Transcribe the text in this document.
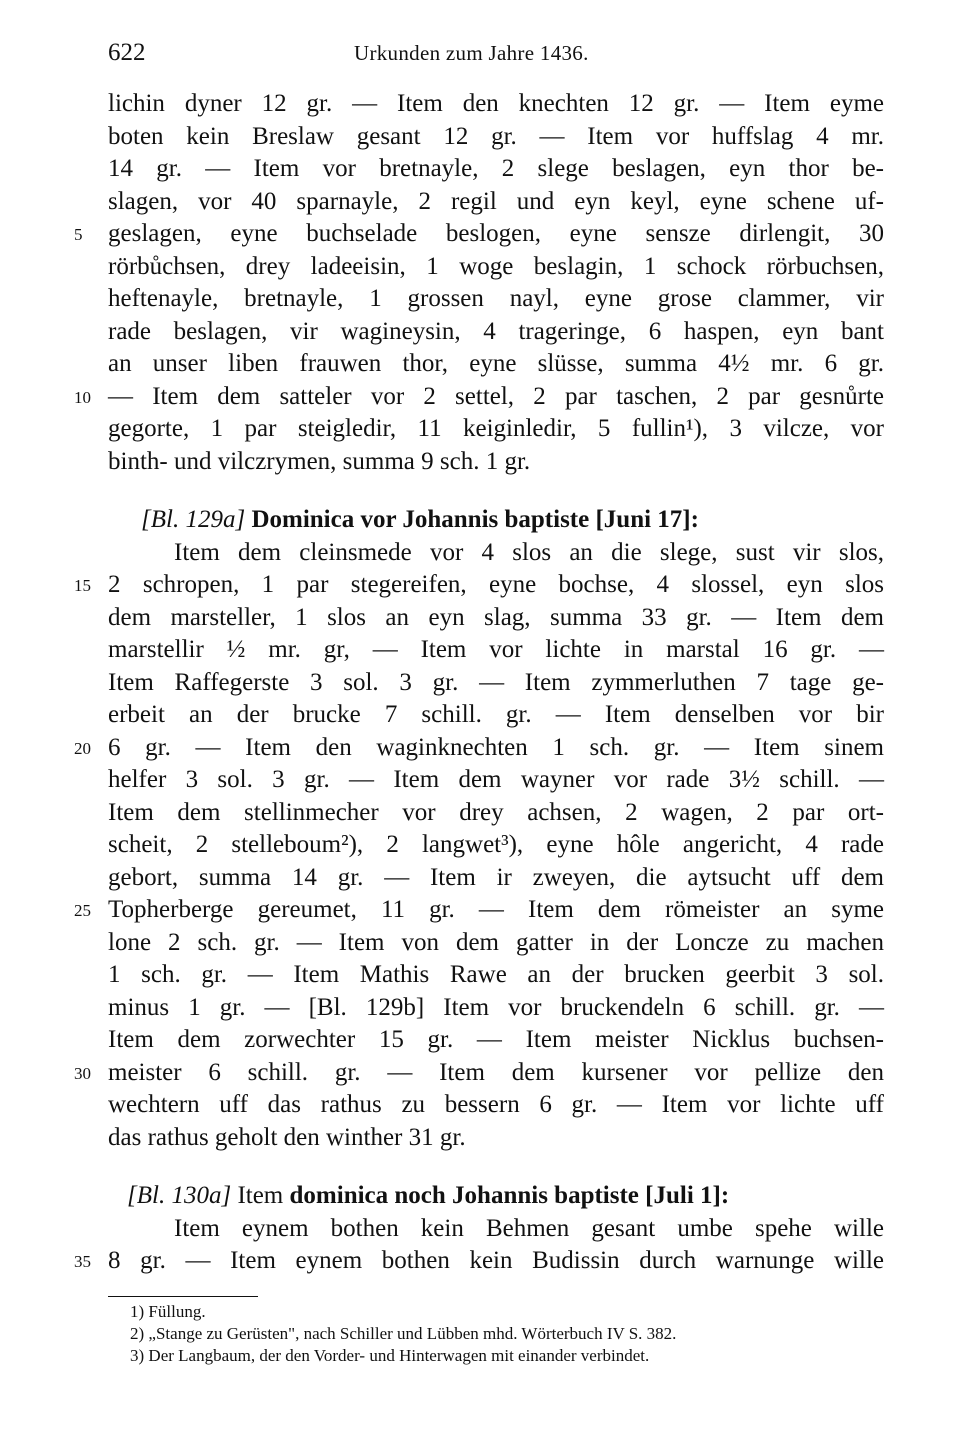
622	Urkunden zum Jahre 1436.
lichin dyner 12 gr. — Item den knechten 12 gr. — Item eyme
boten kein Breslaw gesant 12 gr. — Item vor huffslag 4 mr.
14 gr. — Item vor bretnayle, 2 slege beslagen, eyn thor be-
slagen, vor 40 sparnayle, 2 regil und eyn keyl, eyne schene uf-
5	geslagen, eyne buchselade beslogen, eyne sensze dirlengit, 30
rörbůchsen, drey ladeeisin, 1 woge beslagin, 1 schock rörbuchsen,
heftenayle, bretnayle, 1 grossen nayl, eyne grose clammer, vir
rade beslagen, vir wagineysin, 4 trageringe, 6 haspen, eyn bant
an unser liben frauwen thor, eyne slüsse, summa 4½ mr. 6 gr.
10 — Item dem satteler vor 2 settel, 2 par taschen, 2 par gesnůrte
gegorte, 1 par steigledir, 11 keiginledir, 5 fullin¹), 3 vilcze, vor
binth- und vilczrymen, summa 9 sch. 1 gr.
[Bl. 129a] Dominica vor Johannis baptiste [Juni 17]:
Item dem cleinsmede vor 4 slos an die slege, sust vir slos,
15 2 schropen, 1 par stegereifen, eyne bochse, 4 slossel, eyn slos
dem marsteller, 1 slos an eyn slag, summa 33 gr. — Item dem
marstellir ½ mr. gr, — Item vor lichte in marstal 16 gr. —
Item Raffegerste 3 sol. 3 gr. — Item zymmerluthen 7 tage ge-
erbeit an der brucke 7 schill. gr. — Item denselben vor bir
20 6 gr. — Item den waginknechten 1 sch. gr. — Item sinem
helfer 3 sol. 3 gr. — Item dem wayner vor rade 3½ schill. —
Item dem stellinmecher vor drey achsen, 2 wagen, 2 par ort-
scheit, 2 stelleboum²), 2 langwet³), eyne hôle angericht, 4 rade
gebort, summa 14 gr. — Item ir zweyen, die aytsucht uff dem
25 Topherberge gereumet, 11 gr. — Item dem römeister an syme
lone 2 sch. gr. — Item von dem gatter in der Loncze zu machen
1 sch. gr. — Item Mathis Rawe an der brucken geerbit 3 sol.
minus 1 gr. — [Bl. 129b] Item vor bruckendeln 6 schill. gr. —
Item dem zorwechter 15 gr. — Item meister Nicklus buchsen-
30 meister 6 schill. gr. — Item dem kursener vor pellize den
wechtern uff das rathus zu bessern 6 gr. — Item vor lichte uff
das rathus geholt den winther 31 gr.
[Bl. 130a] Item dominica noch Johannis baptiste [Juli 1]:
Item eynem bothen kein Behmen gesant umbe spehe wille
35 8 gr. — Item eynem bothen kein Budissin durch warnunge wille
1) Füllung.
2) „Stange zu Gerüsten", nach Schiller und Lübben mhd. Wörterbuch IV S. 382.
3) Der Langbaum, der den Vorder- und Hinterwagen mit einander verbindet.
